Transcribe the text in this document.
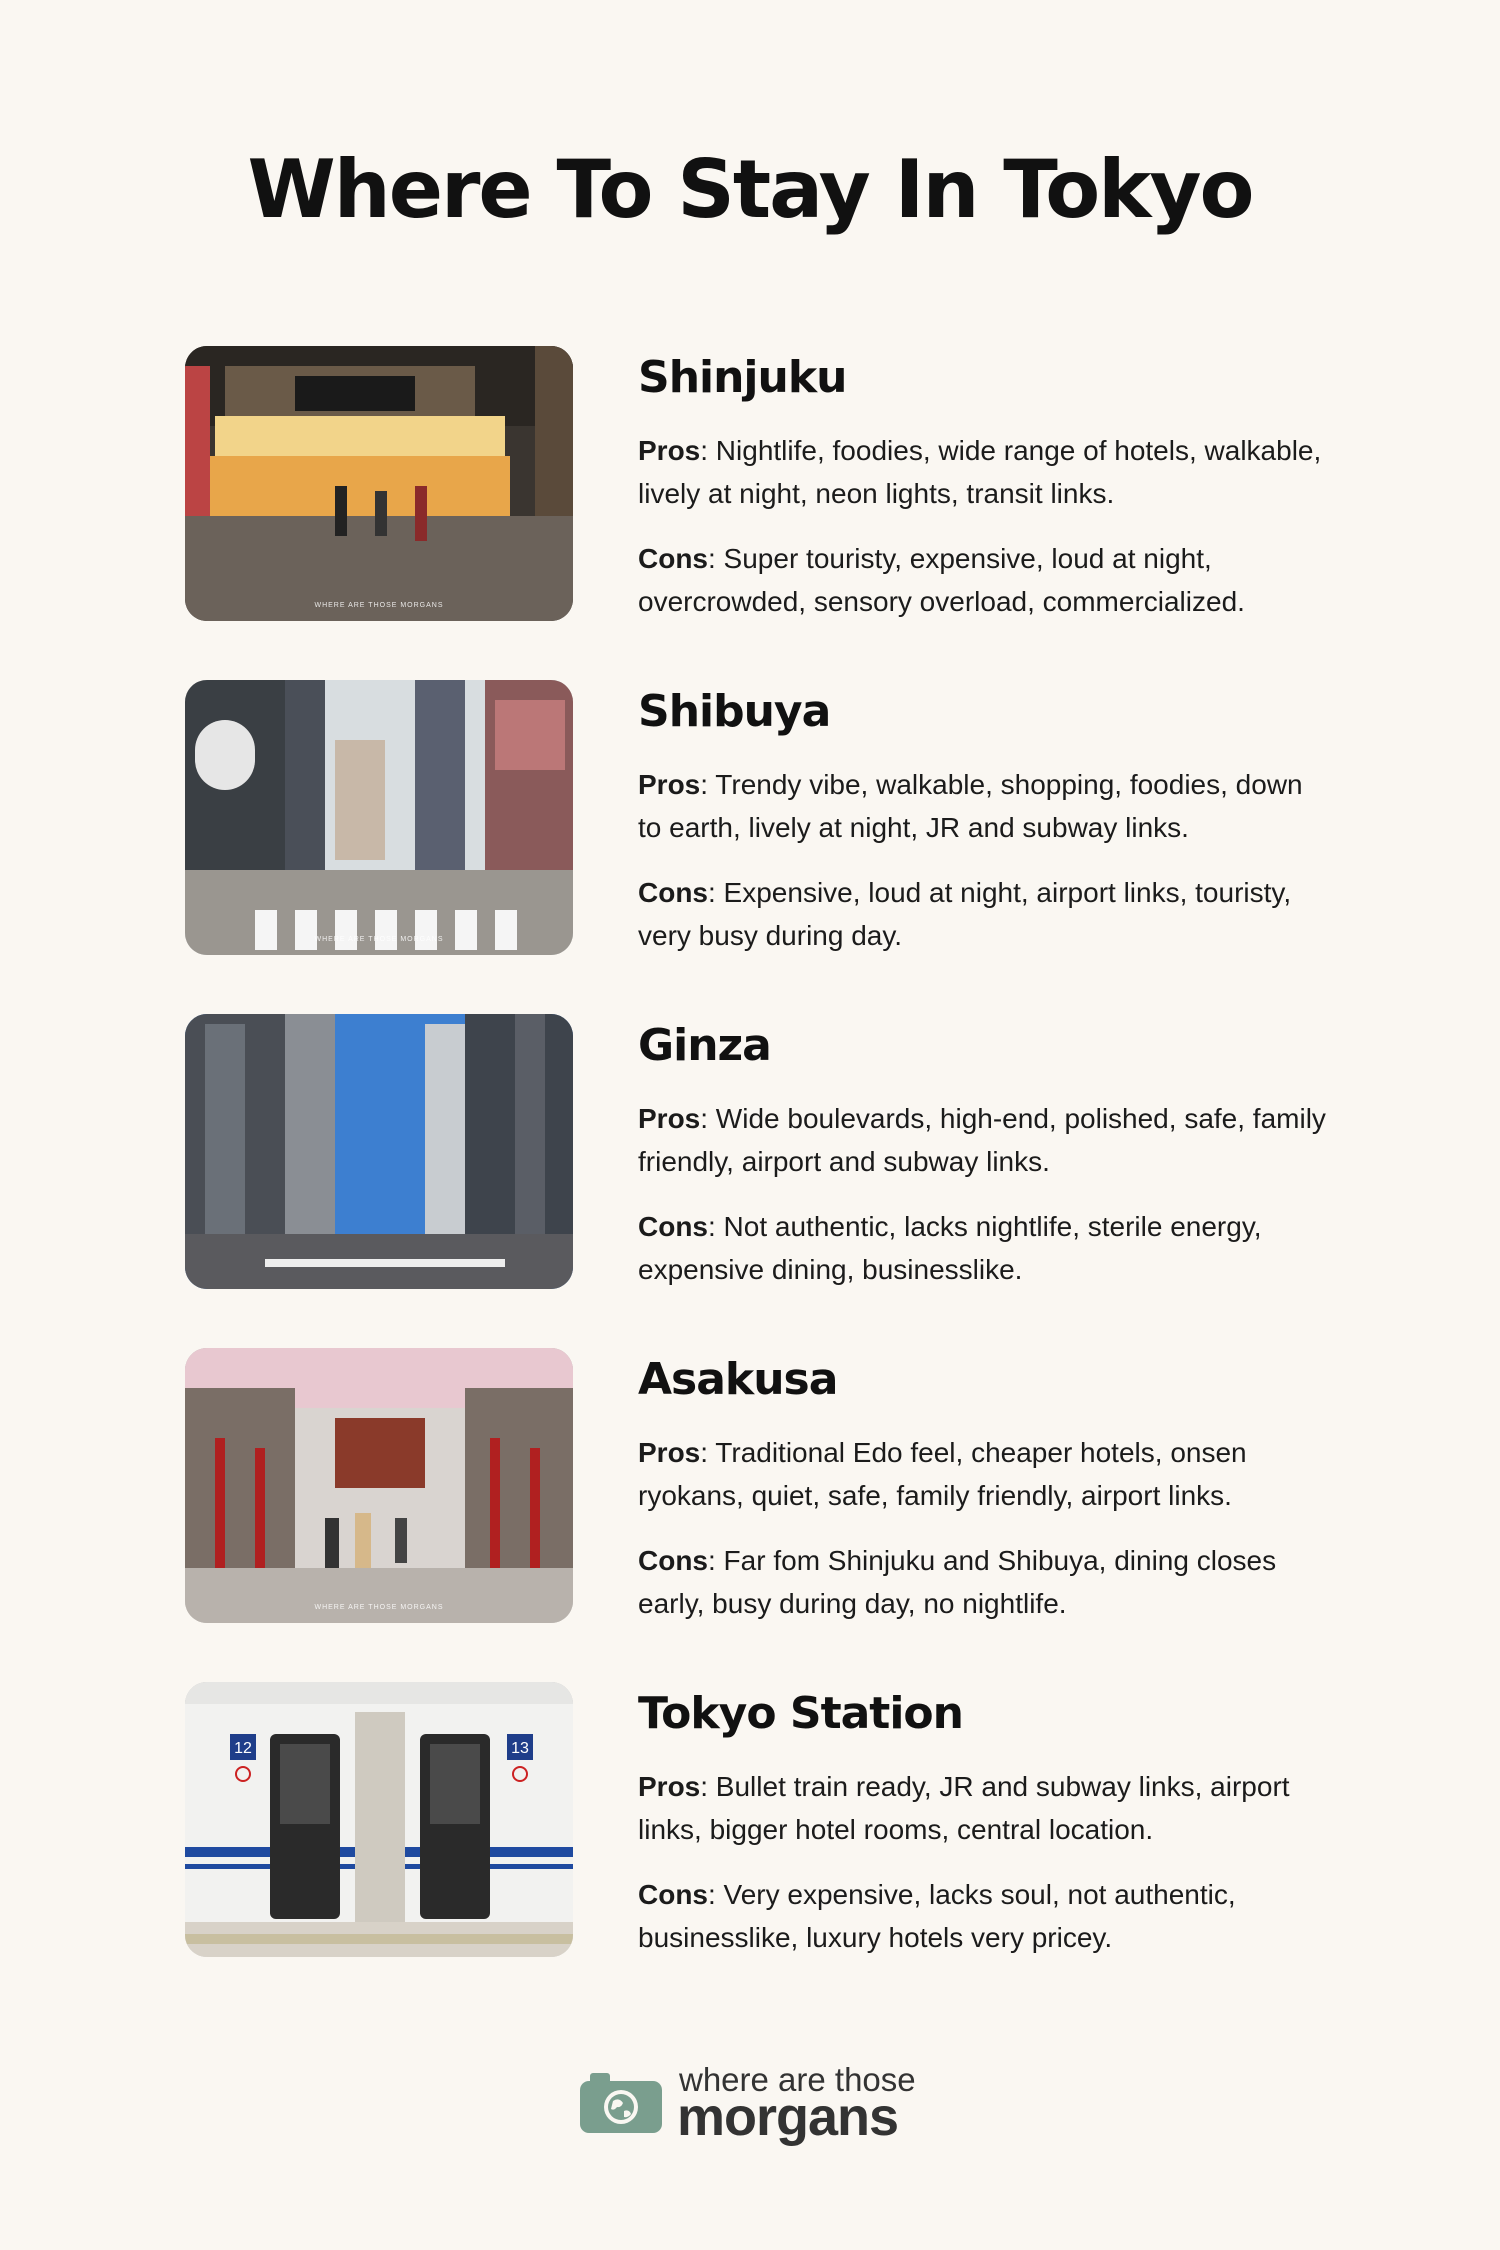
Where To Stay In Tokyo
WHERE ARE THOSE MORGANS
Shinjuku

Pros: Nightlife, foodies, wide range of hotels, walkable, lively at night, neon lights, transit links.

Cons: Super touristy, expensive, loud at night, overcrowded, sensory overload, commercialized.

WHERE ARE THOSE MORGANS
Shibuya

Pros: Trendy vibe, walkable, shopping, foodies, down to earth, lively at night, JR and subway links.

Cons: Expensive, loud at night, airport links, touristy, very busy during day.

Ginza

Pros: Wide boulevards, high-end, polished, safe, family friendly, airport and subway links.

Cons: Not authentic, lacks nightlife, sterile energy, expensive dining, businesslike.

WHERE ARE THOSE MORGANS
Asakusa

Pros: Traditional Edo feel, cheaper hotels, onsen ryokans, quiet, safe, family friendly, airport links.

Cons: Far fom Shinjuku and Shibuya, dining closes early, busy during day, no nightlife.

12	13
Tokyo Station

Pros: Bullet train ready, JR and subway links, airport links, bigger hotel rooms, central location.

Cons: Very expensive, lacks soul, not authentic, businesslike, luxury hotels very pricey.

where are those
morgans
